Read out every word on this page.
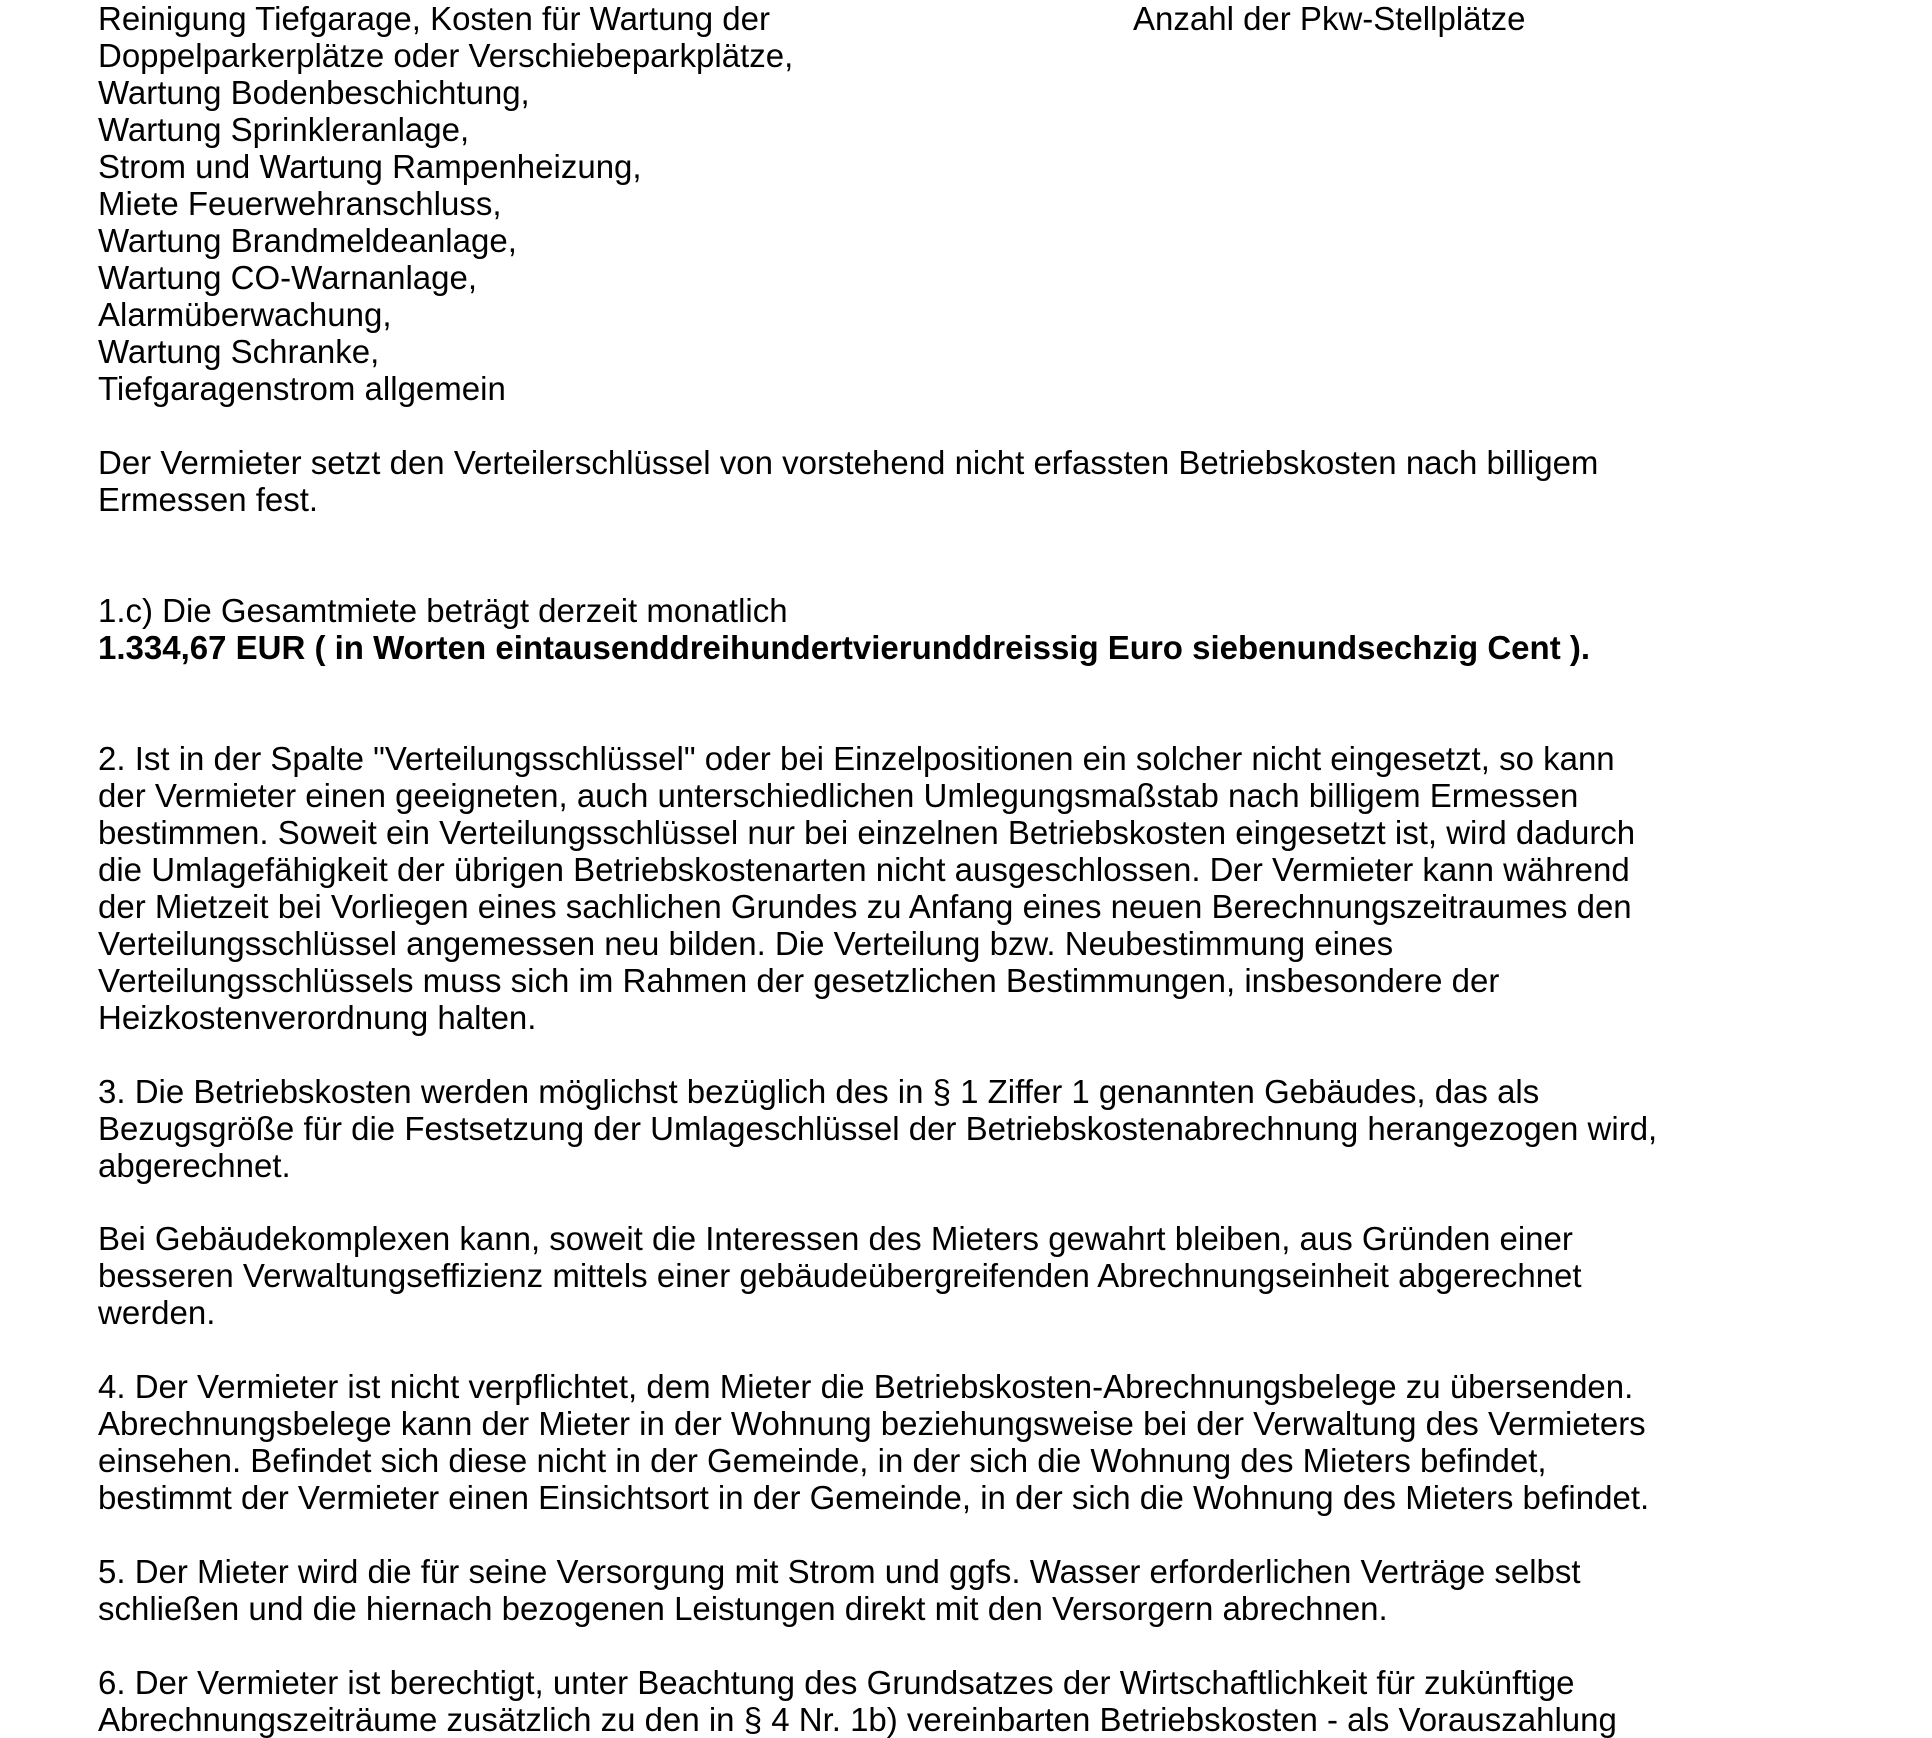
Reinigung Tiefgarage, Kosten für Wartung der
Doppelparkerplätze oder Verschiebeparkplätze,
Wartung Bodenbeschichtung,
Wartung Sprinkleranlage,
Strom und Wartung Rampenheizung,
Miete Feuerwehranschluss,
Wartung Brandmeldeanlage,
Wartung CO-Warnanlage,
Alarmüberwachung,
Wartung Schranke,
Tiefgaragenstrom allgemein
Anzahl der Pkw-Stellplätze

Der Vermieter setzt den Verteilerschlüssel von vorstehend nicht erfassten Betriebskosten nach billigem
Ermessen fest.

1.c) Die Gesamtmiete beträgt derzeit monatlich

1.334,67 EUR ( in Worten eintausenddreihundertvierunddreissig Euro siebenundsechzig Cent ).

2. Ist in der Spalte "Verteilungsschlüssel" oder bei Einzelpositionen ein solcher nicht eingesetzt, so kann
der Vermieter einen geeigneten, auch unterschiedlichen Umlegungsmaßstab nach billigem Ermessen
bestimmen. Soweit ein Verteilungsschlüssel nur bei einzelnen Betriebskosten eingesetzt ist, wird dadurch
die Umlagefähigkeit der übrigen Betriebskostenarten nicht ausgeschlossen. Der Vermieter kann während
der Mietzeit bei Vorliegen eines sachlichen Grundes zu Anfang eines neuen Berechnungszeitraumes den
Verteilungsschlüssel angemessen neu bilden. Die Verteilung bzw. Neubestimmung eines
Verteilungsschlüssels muss sich im Rahmen der gesetzlichen Bestimmungen, insbesondere der
Heizkostenverordnung halten.

3. Die Betriebskosten werden möglichst bezüglich des in § 1 Ziffer 1 genannten Gebäudes, das als
Bezugsgröße für die Festsetzung der Umlageschlüssel der Betriebskostenabrechnung herangezogen wird,
abgerechnet.

Bei Gebäudekomplexen kann, soweit die Interessen des Mieters gewahrt bleiben, aus Gründen einer
besseren Verwaltungseffizienz mittels einer gebäudeübergreifenden Abrechnungseinheit abgerechnet
werden.

4. Der Vermieter ist nicht verpflichtet, dem Mieter die Betriebskosten-Abrechnungsbelege zu übersenden.
Abrechnungsbelege kann der Mieter in der Wohnung beziehungsweise bei der Verwaltung des Vermieters
einsehen. Befindet sich diese nicht in der Gemeinde, in der sich die Wohnung des Mieters befindet,
bestimmt der Vermieter einen Einsichtsort in der Gemeinde, in der sich die Wohnung des Mieters befindet.

5. Der Mieter wird die für seine Versorgung mit Strom und ggfs. Wasser erforderlichen Verträge selbst
schließen und die hiernach bezogenen Leistungen direkt mit den Versorgern abrechnen.

6. Der Vermieter ist berechtigt, unter Beachtung des Grundsatzes der Wirtschaftlichkeit für zukünftige
Abrechnungszeiträume zusätzlich zu den in § 4 Nr. 1b) vereinbarten Betriebskosten - als Vorauszahlung
